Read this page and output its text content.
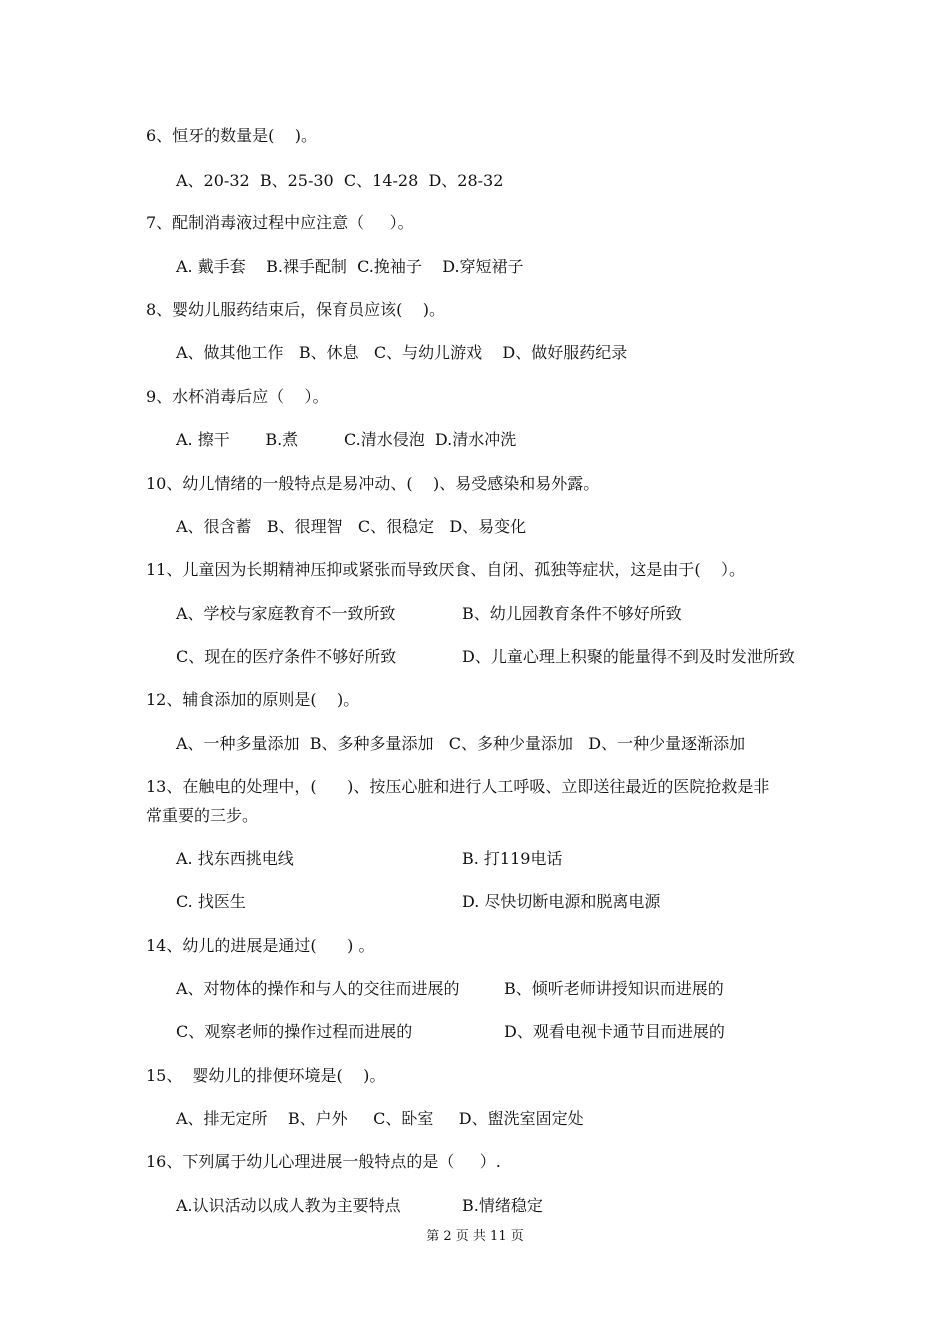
6、恒牙的数量是(    )。
A、20-32  B、25-30  C、14-28  D、28-32
7、配制消毒液过程中应注意（     ）。
A. 戴手套    B.裸手配制  C.挽袖子    D.穿短裙子
8、婴幼儿服药结束后，保育员应该(    )。
A、做其他工作   B、休息   C、与幼儿游戏    D、做好服药纪录
9、水杯消毒后应（    ）。
A. 擦干       B.煮         C.清水侵泡  D.清水冲洗
10、幼儿情绪的一般特点是易冲动、(    )、易受感染和易外露。
A、很含蓄   B、很理智   C、很稳定   D、易变化
11、儿童因为长期精神压抑或紧张而导致厌食、自闭、孤独等症状，这是由于(    ）。
A、学校与家庭教育不一致所致	B、幼儿园教育条件不够好所致
C、现在的医疗条件不够好所致	D、儿童心理上积聚的能量得不到及时发泄所致
12、辅食添加的原则是(    )。
A、一种多量添加  B、多种多量添加   C、多种少量添加   D、一种少量逐渐添加
13、在触电的处理中，(      )、按压心脏和进行人工呼吸、立即送往最近的医院抢救是非
常重要的三步。
A. 找东西挑电线	B. 打119电话
C. 找医生	D. 尽快切断电源和脱离电源
14、幼儿的进展是通过(      ) 。
A、对物体的操作和与人的交往而进展的	B、倾听老师讲授知识而进展的
C、观察老师的操作过程而进展的	D、观看电视卡通节目而进展的
15、  婴幼儿的排便环境是(    )。
A、排无定所    B、户外     C、卧室     D、盥洗室固定处
16、下列属于幼儿心理进展一般特点的是（     ）.
A.认识活动以成人教为主要特点	B.情绪稳定
第 2 页 共 11 页
